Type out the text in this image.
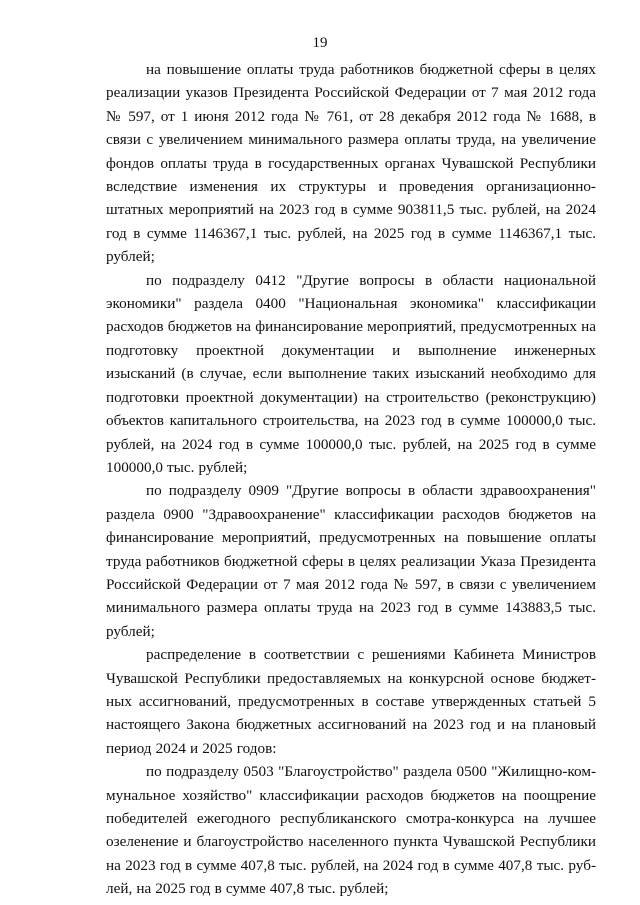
19

на повышение оплаты труда работников бюджетной сферы в целях реализации указов Президента Российской Федерации от 7 мая 2012 года № 597, от 1 июня 2012 года № 761, от 28 декабря 2012 года № 1688, в связи с увеличением минимального размера оплаты труда, на увеличение фондов оплаты труда в государственных органах Чувашской Республики вследствие изменения их структуры и проведения организационно-штатных мероприятий на 2023 год в сумме 903811,5 тыс. рублей, на 2024 год в сумме 1146367,1 тыс. рублей, на 2025 год в сумме 1146367,1 тыс. рублей;

по подразделу 0412 "Другие вопросы в области национальной экономики" раздела 0400 "Национальная экономика" классификации расходов бюджетов на финансирование мероприятий, предусмотренных на подготовку проектной документации и выполнение инженерных изысканий (в случае, если выполнение таких изысканий необходимо для подготовки проектной документации) на строительство (реконструкцию) объектов капитального строительства, на 2023 год в сумме 100000,0 тыс. рублей, на 2024 год в сумме 100000,0 тыс. рублей, на 2025 год в сумме 100000,0 тыс. рублей;

по подразделу 0909 "Другие вопросы в области здравоохранения" раздела 0900 "Здравоохранение" классификации расходов бюджетов на финансирование мероприятий, предусмотренных на повышение оплаты труда работников бюджетной сферы в целях реализации Указа Президента Российской Федерации от 7 мая 2012 года № 597, в связи с увеличением минимального размера оплаты труда на 2023 год в сумме 143883,5 тыс. рублей;

распределение в соответствии с решениями Кабинета Министров Чувашской Республики предоставляемых на конкурсной основе бюджетных ассигнований, предусмотренных в составе утвержденных статьей 5 настоящего Закона бюджетных ассигнований на 2023 год и на плановый период 2024 и 2025 годов:

по подразделу 0503 "Благоустройство" раздела 0500 "Жилищно-коммунальное хозяйство" классификации расходов бюджетов на поощрение победителей ежегодного республиканского смотра-конкурса на лучшее озеленение и благоустройство населенного пункта Чувашской Республики на 2023 год в сумме 407,8 тыс. рублей, на 2024 год в сумме 407,8 тыс. рублей, на 2025 год в сумме 407,8 тыс. рублей;
